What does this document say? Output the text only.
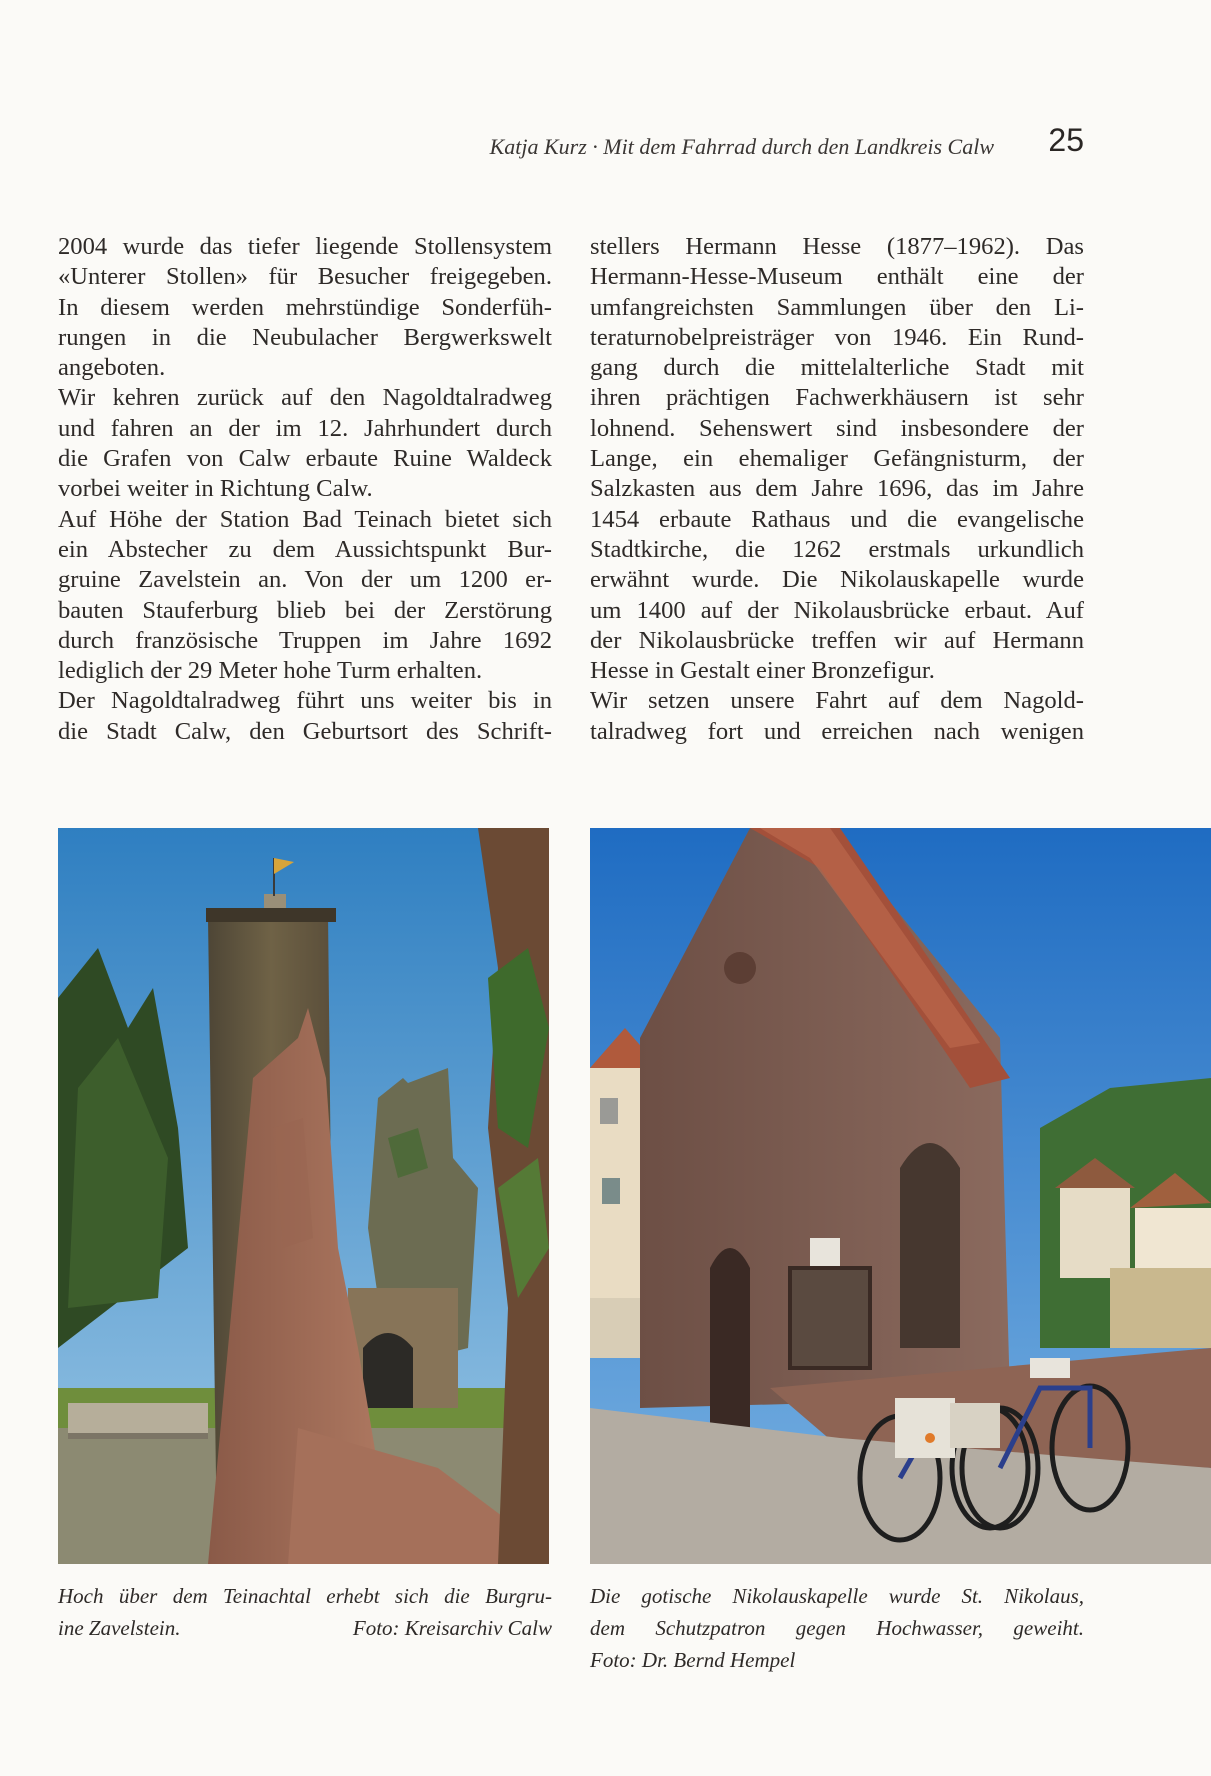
Katja Kurz · Mit dem Fahrrad durch den Landkreis Calw 25
2004 wurde das tiefer liegende Stollensystem
«Unterer Stollen» für Besucher freigegeben.
In diesem werden mehrstündige Sonderfüh-
rungen in die Neubulacher Bergwerkswelt
angeboten.
Wir kehren zurück auf den Nagoldtalradweg
und fahren an der im 12. Jahrhundert durch
die Grafen von Calw erbaute Ruine Waldeck
vorbei weiter in Richtung Calw.
Auf Höhe der Station Bad Teinach bietet sich
ein Abstecher zu dem Aussichtspunkt Bur-
gruine Zavelstein an. Von der um 1200 er-
bauten Stauferburg blieb bei der Zerstörung
durch französische Truppen im Jahre 1692
lediglich der 29 Meter hohe Turm erhalten.
Der Nagoldtalradweg führt uns weiter bis in
die Stadt Calw, den Geburtsort des Schrift-
stellers Hermann Hesse (1877–1962). Das
Hermann-Hesse-Museum enthält eine der
umfangreichsten Sammlungen über den Li-
teraturnobelpreisträger von 1946. Ein Rund-
gang durch die mittelalterliche Stadt mit
ihren prächtigen Fachwerkhäusern ist sehr
lohnend. Sehenswert sind insbesondere der
Lange, ein ehemaliger Gefängnisturm, der
Salzkasten aus dem Jahre 1696, das im Jahre
1454 erbaute Rathaus und die evangelische
Stadtkirche, die 1262 erstmals urkundlich
erwähnt wurde. Die Nikolauskapelle wurde
um 1400 auf der Nikolausbrücke erbaut. Auf
der Nikolausbrücke treffen wir auf Hermann
Hesse in Gestalt einer Bronzefigur.
Wir setzen unsere Fahrt auf dem Nagold-
talradweg fort und erreichen nach wenigen
Hoch über dem Teinachtal erhebt sich die Burgru-
ine Zavelstein.	Foto: Kreisarchiv Calw
Die gotische Nikolauskapelle wurde St. Nikolaus,
dem Schutzpatron gegen Hochwasser, geweiht.
Foto: Dr. Bernd Hempel
